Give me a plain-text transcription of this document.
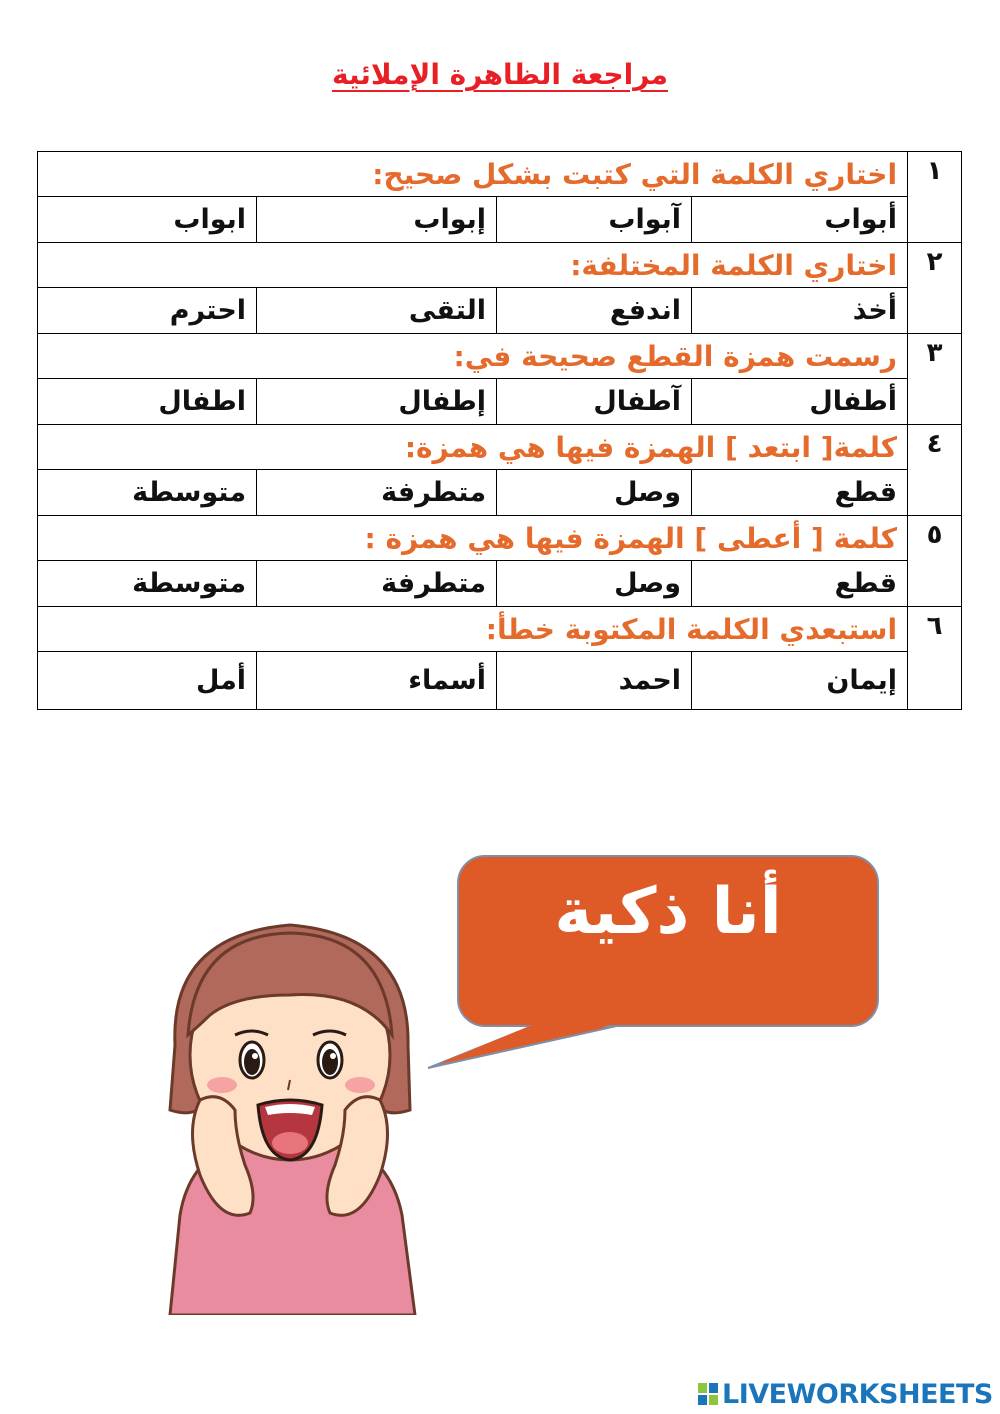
مراجعة الظاهرة الإملائية
١	اختاري الكلمة التي كتبت بشكل صحيح:			
	أبواب	آبواب	إبواب	ابواب
٢	اختاري الكلمة المختلفة:			
	أخذ	اندفع	التقى	احترم
٣	رسمت همزة القطع صحيحة في:			
	أطفال	آطفال	إطفال	اطفال
٤	كلمة[ ابتعد ] الهمزة فيها هي همزة:			
	قطع	وصل	متطرفة	متوسطة
٥	كلمة [ أعطى ] الهمزة فيها هي همزة :			
	قطع	وصل	متطرفة	متوسطة
٦	استبعدي الكلمة المكتوبة خطأ:			
	إيمان	احمد	أسماء	أمل
أنا ذكية
LIVEWORKSHEETS
